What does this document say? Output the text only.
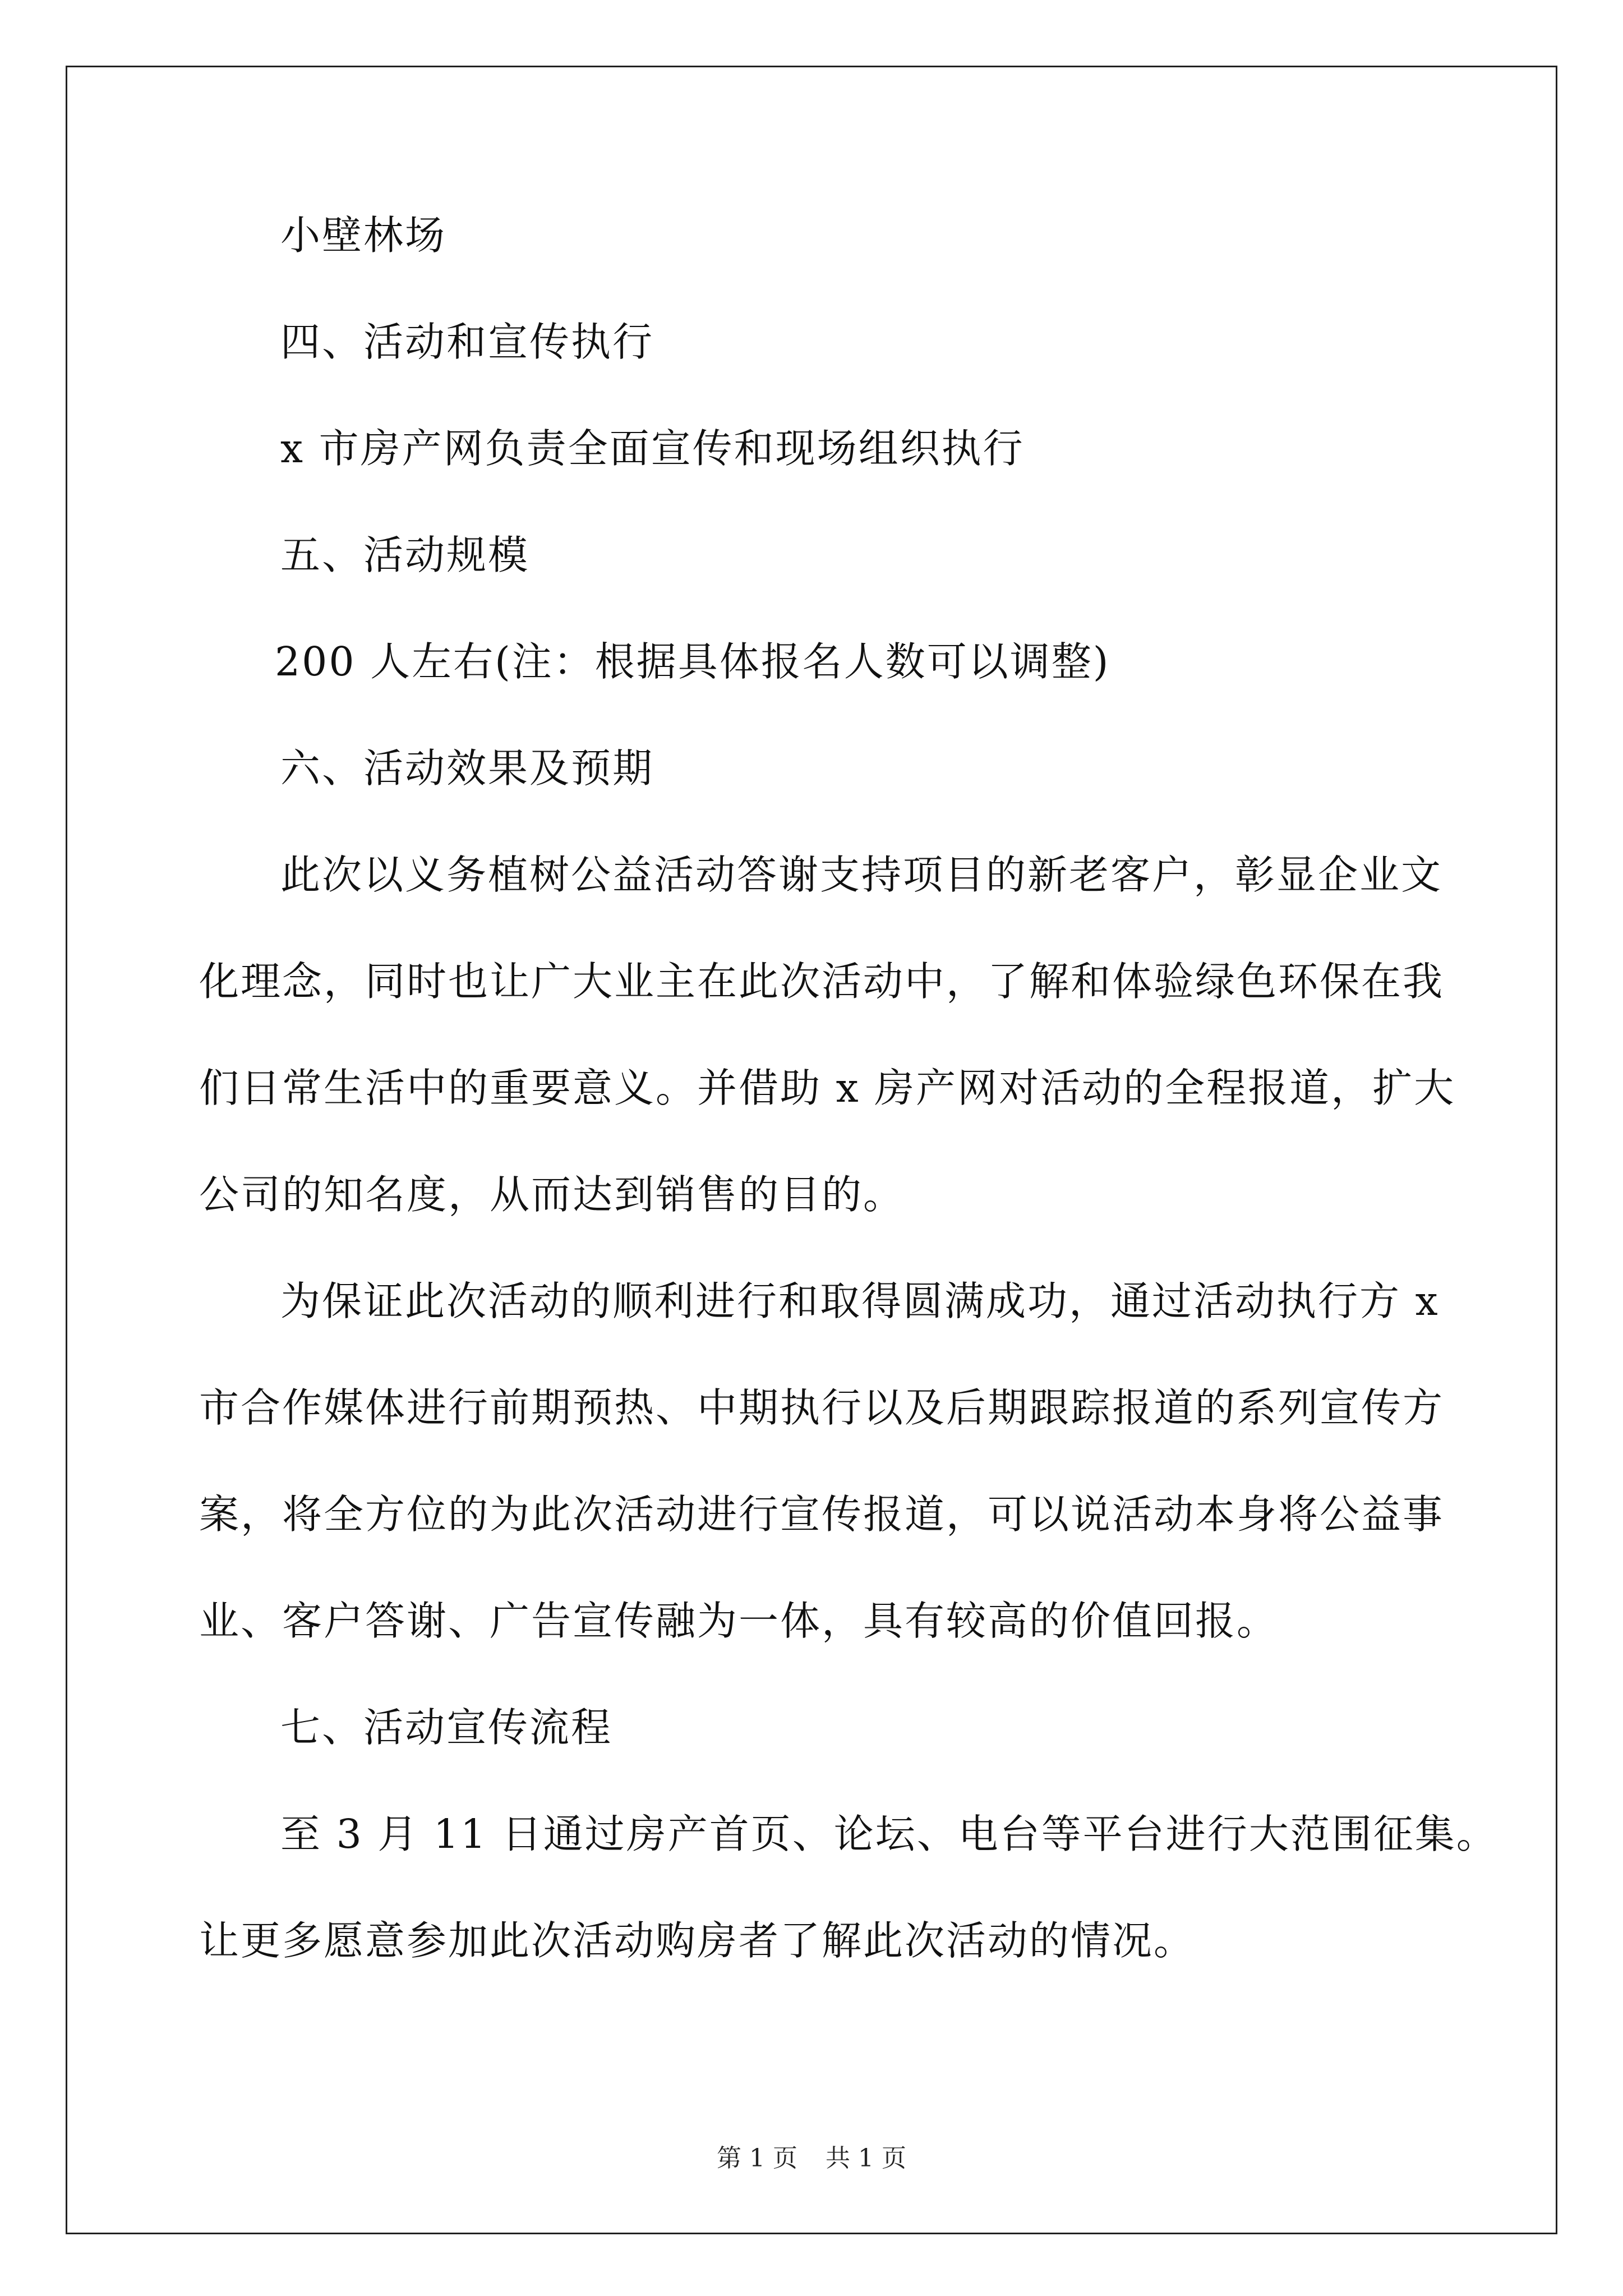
小壁林场
四、活动和宣传执行
x 市房产网负责全面宣传和现场组织执行
五、活动规模
200 人左右(注：根据具体报名人数可以调整)
六、活动效果及预期
此次以义务植树公益活动答谢支持项目的新老客户，彰显企业文
化理念，同时也让广大业主在此次活动中，了解和体验绿色环保在我
们日常生活中的重要意义。并借助 x 房产网对活动的全程报道，扩大
公司的知名度，从而达到销售的目的。
为保证此次活动的顺利进行和取得圆满成功，通过活动执行方 x
市合作媒体进行前期预热、中期执行以及后期跟踪报道的系列宣传方
案，将全方位的为此次活动进行宣传报道，可以说活动本身将公益事
业、客户答谢、广告宣传融为一体，具有较高的价值回报。
七、活动宣传流程
至 3 月 11 日通过房产首页、论坛、电台等平台进行大范围征集。
让更多愿意参加此次活动购房者了解此次活动的情况。
第 1 页 共 1 页
